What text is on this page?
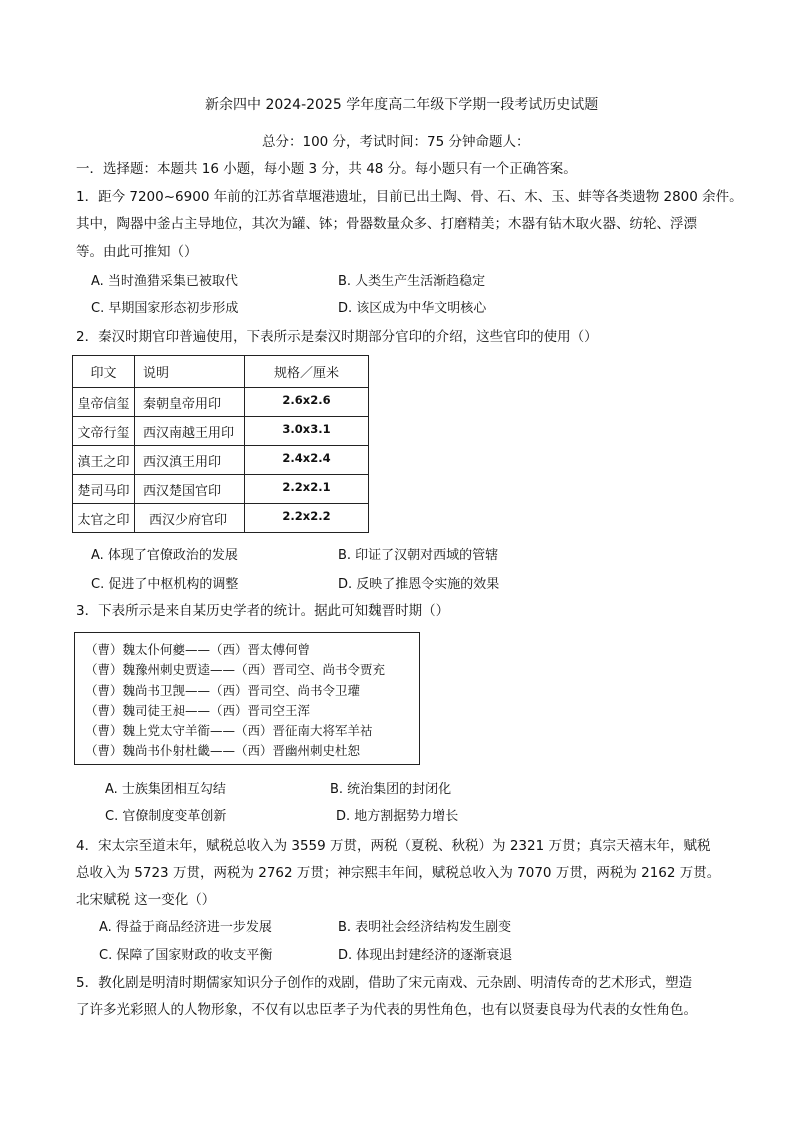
新余四中 2024-2025 学年度高二年级下学期一段考试历史试题
总分：100 分，考试时间：75 分钟命题人：
一．选择题：本题共 16 小题，每小题 3 分，共 48 分。每小题只有一个正确答案。
1．距今 7200~6900 年前的江苏省草堰港遗址，目前已出土陶、骨、石、木、玉、蚌等各类遗物 2800 余件。
其中，陶器中釜占主导地位，其次为罐、钵；骨器数量众多、打磨精美；木器有钻木取火器、纺轮、浮漂
等。由此可推知（）
A. 当时渔猎采集已被取代	B. 人类生产生活渐趋稳定
C. 早期国家形态初步形成	D. 该区成为中华文明核心
2．秦汉时期官印普遍使用，下表所示是秦汉时期部分官印的介绍，这些官印的使用（）
印文	说明	规格／厘米
皇帝信玺	秦朝皇帝用印	2.6x2.6
文帝行玺	西汉南越王用印	3.0x3.1
滇王之印	西汉滇王用印	2.4x2.4
楚司马印	西汉楚国官印	2.2x2.1
太官之印	西汉少府官印	2.2x2.2
A. 体现了官僚政治的发展	B. 印证了汉朝对西域的管辖
C. 促进了中枢机构的调整	D. 反映了推恩令实施的效果
3．下表所示是来自某历史学者的统计。据此可知魏晋时期（）
（曹）魏太仆何夔——（西）晋太傅何曾
（曹）魏豫州刺史贾逵——（西）晋司空、尚书令贾充
（曹）魏尚书卫觊——（西）晋司空、尚书令卫瓘
（曹）魏司徒王昶——（西）晋司空王浑
（曹）魏上党太守羊衜——（西）晋征南大将军羊祜
（曹）魏尚书仆射杜畿——（西）晋幽州刺史杜恕
A. 士族集团相互勾结	B. 统治集团的封闭化
C. 官僚制度变革创新	D. 地方割据势力增长
4．宋太宗至道末年，赋税总收入为 3559 万贯，两税（夏税、秋税）为 2321 万贯；真宗天禧末年，赋税
总收入为 5723 万贯，两税为 2762 万贯；神宗熙丰年间，赋税总收入为 7070 万贯，两税为 2162 万贯。
北宋赋税 这一变化（）
A. 得益于商品经济进一步发展	B. 表明社会经济结构发生剧变
C. 保障了国家财政的收支平衡	D. 体现出封建经济的逐渐衰退
5．教化剧是明清时期儒家知识分子创作的戏剧，借助了宋元南戏、元杂剧、明清传奇的艺术形式，塑造
了许多光彩照人的人物形象，不仅有以忠臣孝子为代表的男性角色，也有以贤妻良母为代表的女性角色。
